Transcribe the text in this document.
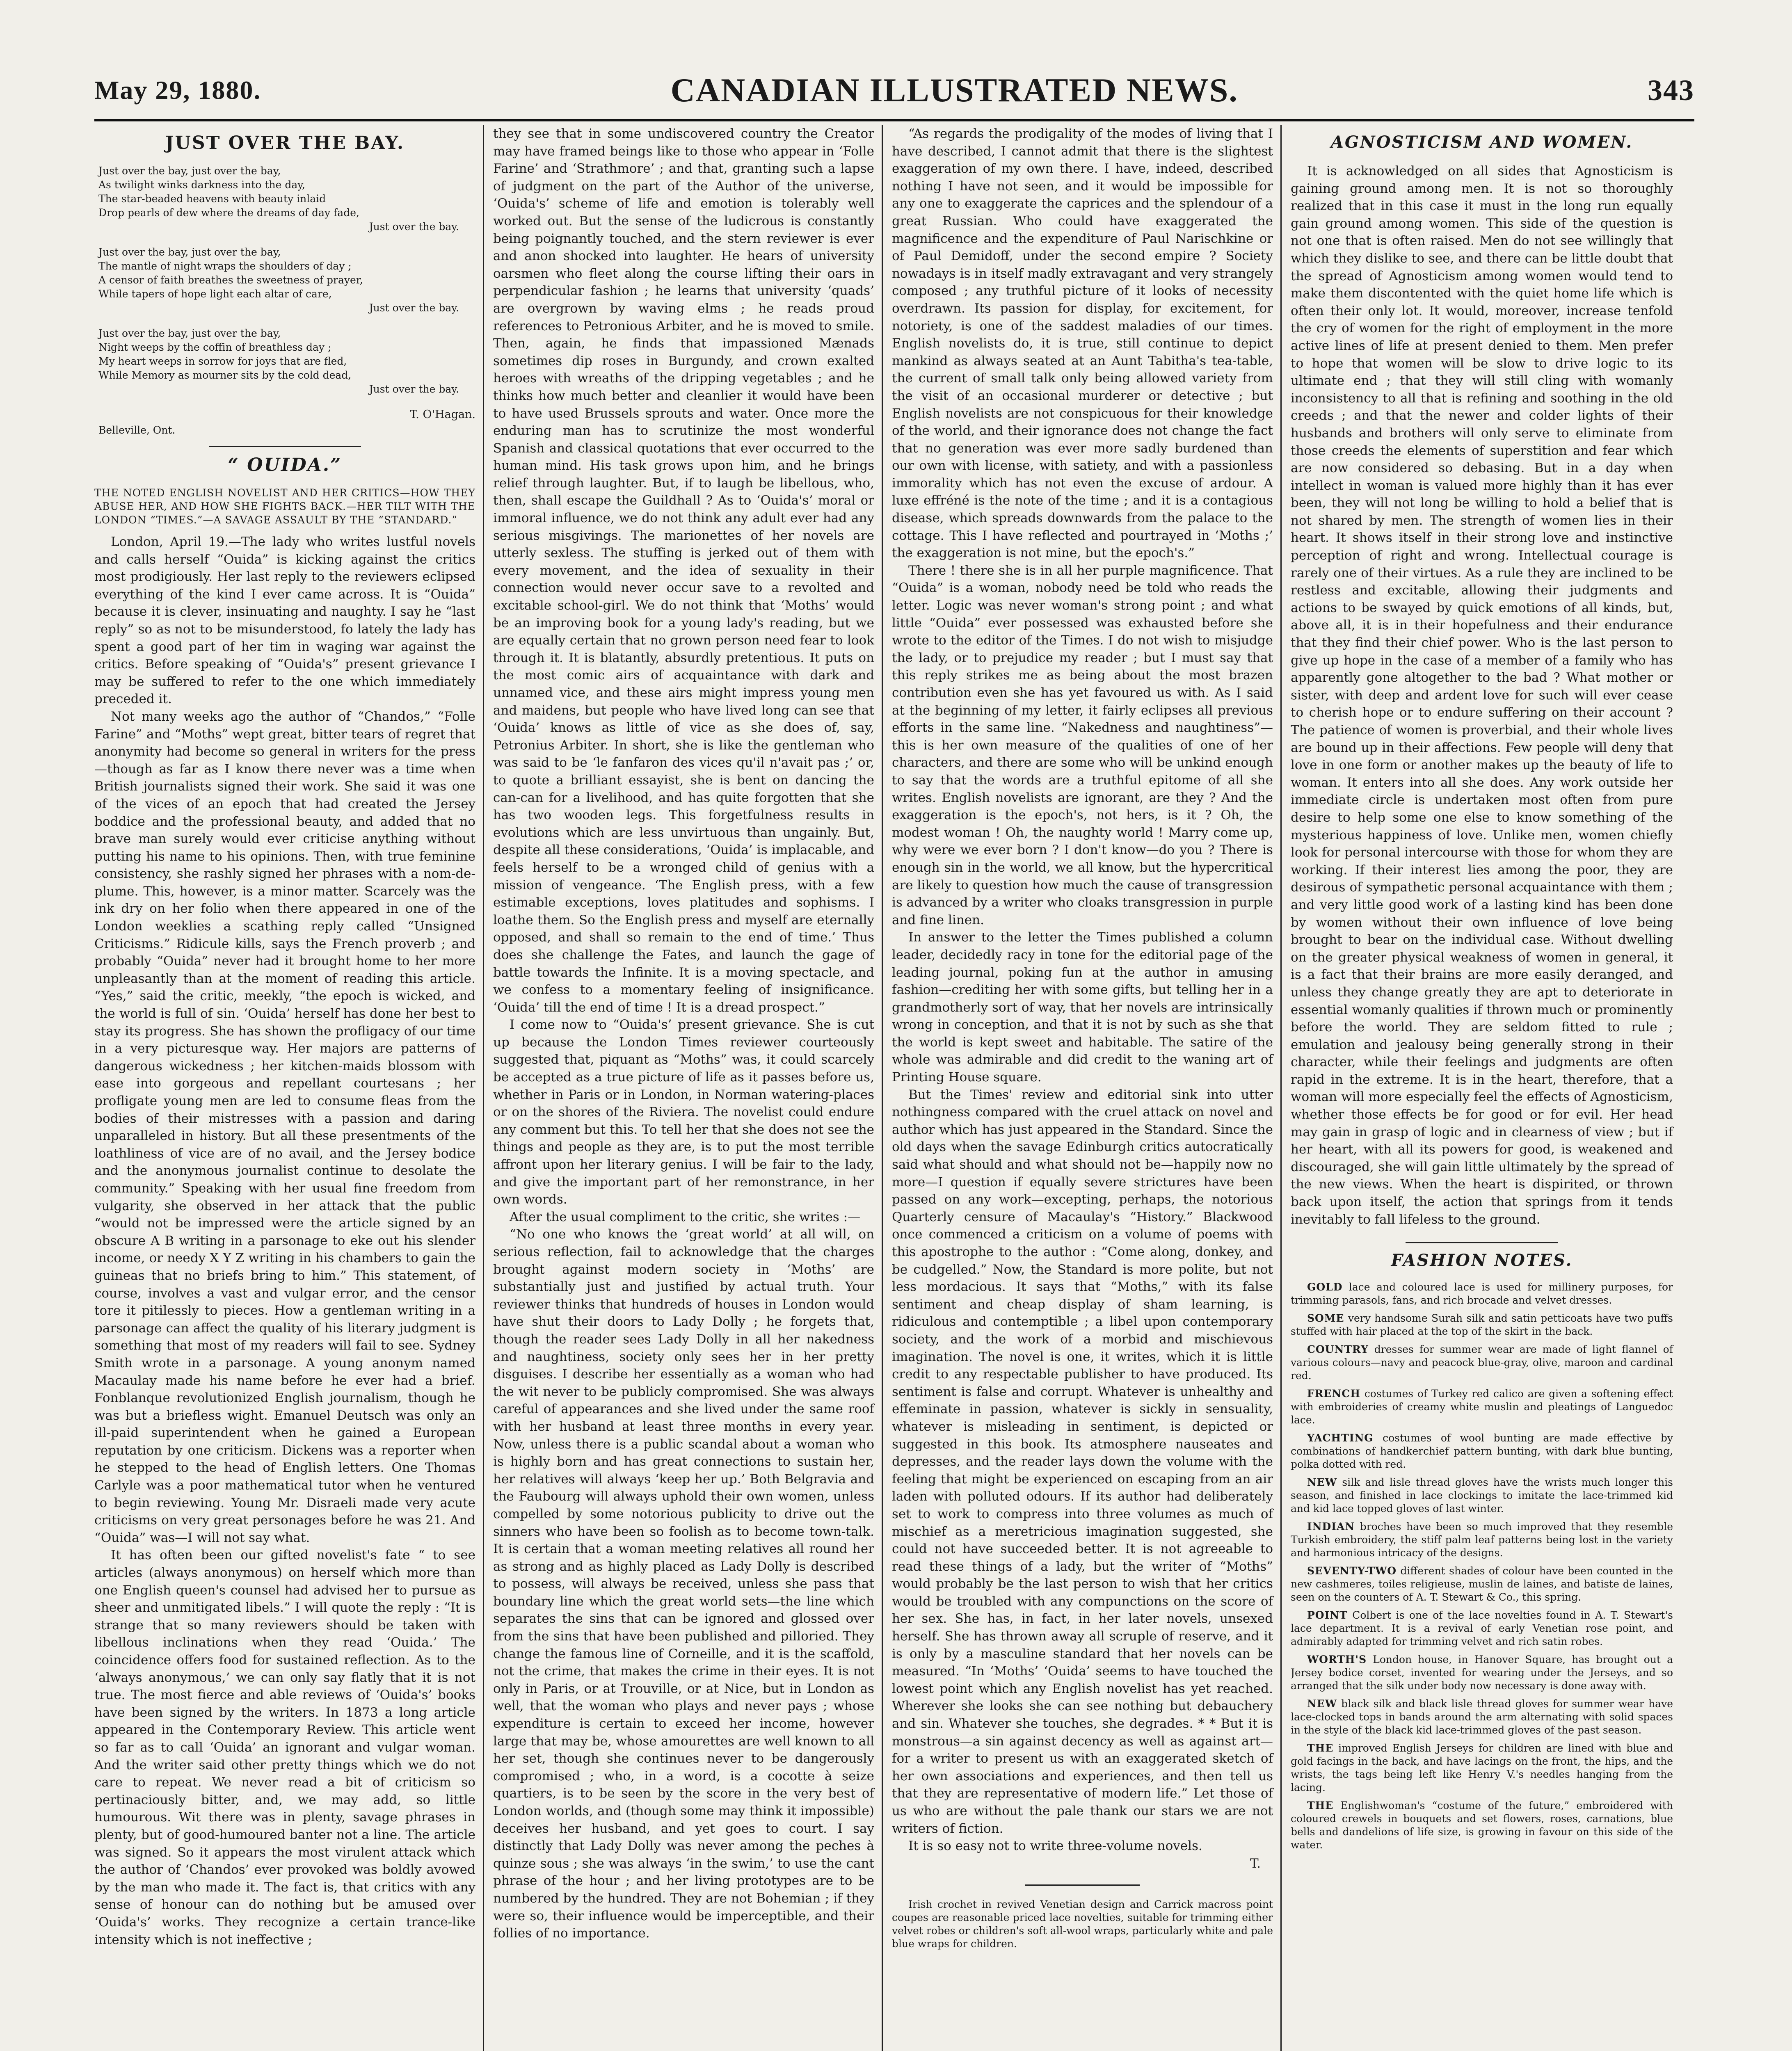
May 29, 1880.	CANADIAN ILLUSTRATED NEWS.	343
JUST OVER THE BAY.
Just over the bay, just over the bay,
As twilight winks darkness into the day,
The star-beaded heavens with beauty inlaid
Drop pearls of dew where the dreams of day fade,
Just over the bay.
Just over the bay, just over the bay,
The mantle of night wraps the shoulders of day ;
A censor of faith breathes the sweetness of prayer,
While tapers of hope light each altar of care,
Just over the bay.
Just over the bay, just over the bay,
Night weeps by the coffin of breathless day ;
My heart weeps in sorrow for joys that are fled,
While Memory as mourner sits by the cold dead,
Just over the bay.
T. O'Hagan.
Belleville, Ont.
“ OUIDA.”
THE NOTED ENGLISH NOVELIST AND HER CRITICS—HOW THEY ABUSE HER, AND HOW SHE FIGHTS BACK.—HER TILT WITH THE LONDON “TIMES.”—A SAVAGE ASSAULT BY THE “STANDARD.”

London, April 19.—The lady who writes lustful novels and calls herself “Ouida” is kicking against the critics most prodigiously. Her last reply to the reviewers eclipsed everything of the kind I ever came across. It is “Ouida” because it is clever, insinuating and naughty. I say he “last reply” so as not to be misunderstood, fo lately the lady has spent a good part of her tim in waging war against the critics. Before speaking of “Ouida's” present grievance I may be suffered to refer to the one which immediately preceded it.

Not many weeks ago the author of “Chandos,” “Folle Farine” and “Moths” wept great, bitter tears of regret that anonymity had become so general in writers for the press—though as far as I know there never was a time when British journalists signed their work. She said it was one of the vices of an epoch that had created the Jersey boddice and the professional beauty, and added that no brave man surely would ever criticise anything without putting his name to his opinions. Then, with true feminine consistency, she rashly signed her phrases with a nom-de-plume. This, however, is a minor matter. Scarcely was the ink dry on her folio when there appeared in one of the London weeklies a scathing reply called “Unsigned Criticisms.” Ridicule kills, says the French proverb ; and probably “Ouida” never had it brought home to her more unpleasantly than at the moment of reading this article. “Yes,” said the critic, meekly, “the epoch is wicked, and the world is full of sin. ‘Ouida’ herself has done her best to stay its progress. She has shown the profligacy of our time in a very picturesque way. Her majors are patterns of dangerous wickedness ; her kitchen-maids blossom with ease into gorgeous and repellant courtesans ; her profligate young men are led to consume fleas from the bodies of their mistresses with a passion and daring unparalleled in history. But all these presentments of the loathliness of vice are of no avail, and the Jersey bodice and the anonymous journalist continue to desolate the community.” Speaking with her usual fine freedom from vulgarity, she observed in her attack that the public “would not be impressed were the article signed by an obscure A B writing in a parsonage to eke out his slender income, or needy X Y Z writing in his chambers to gain the guineas that no briefs bring to him.” This statement, of course, involves a vast and vulgar error, and the censor tore it pitilessly to pieces. How a gentleman writing in a parsonage can affect the quality of his literary judgment is something that most of my readers will fail to see. Sydney Smith wrote in a parsonage. A young anonym named Macaulay made his name before he ever had a brief. Fonblanque revolutionized English journalism, though he was but a briefless wight. Emanuel Deutsch was only an ill-paid superintendent when he gained a European reputation by one criticism. Dickens was a reporter when he stepped to the head of English letters. One Thomas Carlyle was a poor mathematical tutor when he ventured to begin reviewing. Young Mr. Disraeli made very acute criticisms on very great personages before he was 21. And “Ouida” was—I will not say what.

It has often been our gifted novelist's fate “ to see articles (always anonymous) on herself which more than one English queen's counsel had advised her to pursue as sheer and unmitigated libels.” I will quote the reply : “It is strange that so many reviewers should be taken with libellous inclinations when they read ‘Ouida.’ The coincidence offers food for sustained reflection. As to the ‘always anonymous,’ we can only say flatly that it is not true. The most fierce and able reviews of ‘Ouida's’ books have been signed by the writers. In 1873 a long article appeared in the Contemporary Review. This article went so far as to call ‘Ouida’ an ignorant and vulgar woman. And the writer said other pretty things which we do not care to repeat. We never read a bit of criticism so pertinaciously bitter, and, we may add, so little humourous. Wit there was in plenty, savage phrases in plenty, but of good-humoured banter not a line. The article was signed. So it appears the most virulent attack which the author of ‘Chandos’ ever provoked was boldly avowed by the man who made it. The fact is, that critics with any sense of honour can do nothing but be amused over ‘Ouida's’ works. They recognize a certain trance-like intensity which is not ineffective ;

they see that in some undiscovered country the Creator may have framed beings like to those who appear in ‘Folle Farine’ and ‘Strathmore’ ; and that, granting such a lapse of judgment on the part of the Author of the universe, ‘Ouida's’ scheme of life and emotion is tolerably well worked out. But the sense of the ludicrous is constantly being poignantly touched, and the stern reviewer is ever and anon shocked into laughter. He hears of university oarsmen who fleet along the course lifting their oars in perpendicular fashion ; he learns that university ‘quads’ are overgrown by waving elms ; he reads proud references to Petronious Arbiter, and he is moved to smile. Then, again, he finds that impassioned Mænads sometimes dip roses in Burgundy, and crown exalted heroes with wreaths of the dripping vegetables ; and he thinks how much better and cleanlier it would have been to have used Brussels sprouts and water. Once more the enduring man has to scrutinize the most wonderful Spanish and classical quotations that ever occurred to the human mind. His task grows upon him, and he brings relief through laughter. But, if to laugh be libellous, who, then, shall escape the Guildhall ? As to ‘Ouida's’ moral or immoral influence, we do not think any adult ever had any serious misgivings. The marionettes of her novels are utterly sexless. The stuffing is jerked out of them with every movement, and the idea of sexuality in their connection would never occur save to a revolted and excitable school-girl. We do not think that ‘Moths’ would be an improving book for a young lady's reading, but we are equally certain that no grown person need fear to look through it. It is blatantly, absurdly pretentious. It puts on the most comic airs of acquaintance with dark and unnamed vice, and these airs might impress young men and maidens, but people who have lived long can see that ‘Ouida’ knows as little of vice as she does of, say, Petronius Arbiter. In short, she is like the gentleman who was said to be ‘le fanfaron des vices qu'il n'avait pas ;’ or, to quote a brilliant essayist, she is bent on dancing the can-can for a livelihood, and has quite forgotten that she has two wooden legs. This forgetfulness results in evolutions which are less unvirtuous than ungainly. But, despite all these considerations, ‘Ouida’ is implacable, and feels herself to be a wronged child of genius with a mission of vengeance. ‘The English press, with a few estimable exceptions, loves platitudes and sophisms. I loathe them. So the English press and myself are eternally opposed, and shall so remain to the end of time.’ Thus does she challenge the Fates, and launch the gage of battle towards the Infinite. It is a moving spectacle, and we confess to a momentary feeling of insignificance. ‘Ouida’ till the end of time ! It is a dread prospect.”

I come now to “Ouida's’ present grievance. She is cut up because the London Times reviewer courteously suggested that, piquant as “Moths” was, it could scarcely be accepted as a true picture of life as it passes before us, whether in Paris or in London, in Norman watering-places or on the shores of the Riviera. The novelist could endure any comment but this. To tell her that she does not see the things and people as they are, is to put the most terrible affront upon her literary genius. I will be fair to the lady, and give the important part of her remonstrance, in her own words.

After the usual compliment to the critic, she writes :—

“No one who knows the ‘great world’ at all will, on serious reflection, fail to acknowledge that the charges brought against modern society in ‘Moths’ are substantially just and justified by actual truth. Your reviewer thinks that hundreds of houses in London would have shut their doors to Lady Dolly ; he forgets that, though the reader sees Lady Dolly in all her nakedness and naughtiness, society only sees her in her pretty disguises. I describe her essentially as a woman who had the wit never to be publicly compromised. She was always careful of appearances and she lived under the same roof with her husband at least three months in every year. Now, unless there is a public scandal about a woman who is highly born and has great connections to sustain her, her relatives will always ‘keep her up.’ Both Belgravia and the Faubourg will always uphold their own women, unless compelled by some notorious publicity to drive out the sinners who have been so foolish as to become town-talk. It is certain that a woman meeting relatives all round her as strong and as highly placed as Lady Dolly is described to possess, will always be received, unless she pass that boundary line which the great world sets—the line which separates the sins that can be ignored and glossed over from the sins that have been published and pilloried. They change the famous line of Corneille, and it is the scaffold, not the crime, that makes the crime in their eyes. It is not only in Paris, or at Trouville, or at Nice, but in London as well, that the woman who plays and never pays ; whose expenditure is certain to exceed her income, however large that may be, whose amourettes are well known to all her set, though she continues never to be dangerously compromised ; who, in a word, is a cocotte à seize quartiers, is to be seen by the score in the very best of London worlds, and (though some may think it impossible) deceives her husband, and yet goes to court. I say distinctly that Lady Dolly was never among the peches à quinze sous ; she was always ‘in the swim,’ to use the cant phrase of the hour ; and her living prototypes are to be numbered by the hundred. They are not Bohemian ; if they were so, their influence would be imperceptible, and their follies of no importance.

“As regards the prodigality of the modes of living that I have described, I cannot admit that there is the slightest exaggeration of my own there. I have, indeed, described nothing I have not seen, and it would be impossible for any one to exaggerate the caprices and the splendour of a great Russian. Who could have exaggerated the magnificence and the expenditure of Paul Narischkine or of Paul Demidoff, under the second empire ? Society nowadays is in itself madly extravagant and very strangely composed ; any truthful picture of it looks of necessity overdrawn. Its passion for display, for excitement, for notoriety, is one of the saddest maladies of our times. English novelists do, it is true, still continue to depict mankind as always seated at an Aunt Tabitha's tea-table, the current of small talk only being allowed variety from the visit of an occasional murderer or detective ; but English novelists are not conspicuous for their knowledge of the world, and their ignorance does not change the fact that no generation was ever more sadly burdened than our own with license, with satiety, and with a passionless immorality which has not even the excuse of ardour. A luxe effréné is the note of the time ; and it is a contagious disease, which spreads downwards from the palace to the cottage. This I have reflected and pourtrayed in ‘Moths ;’ the exaggeration is not mine, but the epoch's.”

There ! there she is in all her purple magnificence. That “Ouida” is a woman, nobody need be told who reads the letter. Logic was never woman's strong point ; and what little “Ouida” ever possessed was exhausted before she wrote to the editor of the Times. I do not wish to misjudge the lady, or to prejudice my reader ; but I must say that this reply strikes me as being about the most brazen contribution even she has yet favoured us with. As I said at the beginning of my letter, it fairly eclipses all previous efforts in the same line. “Nakedness and naughtiness”—this is her own measure of the qualities of one of her characters, and there are some who will be unkind enough to say that the words are a truthful epitome of all she writes. English novelists are ignorant, are they ? And the exaggeration is the epoch's, not hers, is it ? Oh, the modest woman ! Oh, the naughty world ! Marry come up, why were we ever born ? I don't know—do you ? There is enough sin in the world, we all know, but the hypercritical are likely to question how much the cause of transgression is advanced by a writer who cloaks transgression in purple and fine linen.

In answer to the letter the Times published a column leader, decidedly racy in tone for the editorial page of the leading journal, poking fun at the author in amusing fashion—crediting her with some gifts, but telling her in a grandmotherly sort of way, that her novels are intrinsically wrong in conception, and that it is not by such as she that the world is kept sweet and habitable. The satire of the whole was admirable and did credit to the waning art of Printing House square.

But the Times' review and editorial sink into utter nothingness compared with the cruel attack on novel and author which has just appeared in the Standard. Since the old days when the savage Edinburgh critics autocratically said what should and what should not be—happily now no more—I question if equally severe strictures have been passed on any work—excepting, perhaps, the notorious Quarterly censure of Macaulay's “History.” Blackwood once commenced a criticism on a volume of poems with this apostrophe to the author : “Come along, donkey, and be cudgelled.” Now, the Standard is more polite, but not less mordacious. It says that “Moths,” with its false sentiment and cheap display of sham learning, is ridiculous and contemptible ; a libel upon contemporary society, and the work of a morbid and mischievous imagination. The novel is one, it writes, which it is little credit to any respectable publisher to have produced. Its sentiment is false and corrupt. Whatever is unhealthy and effeminate in passion, whatever is sickly in sensuality, whatever is misleading in sentiment, is depicted or suggested in this book. Its atmosphere nauseates and depresses, and the reader lays down the volume with the feeling that might be experienced on escaping from an air laden with polluted odours. If its author had deliberately set to work to compress into three volumes as much of mischief as a meretricious imagination suggested, she could not have succeeded better. It is not agreeable to read these things of a lady, but the writer of “Moths” would probably be the last person to wish that her critics would be troubled with any compunctions on the score of her sex. She has, in fact, in her later novels, unsexed herself. She has thrown away all scruple of reserve, and it is only by a masculine standard that her novels can be measured. “In ‘Moths’ ‘Ouida’ seems to have touched the lowest point which any English novelist has yet reached. Wherever she looks she can see nothing but debauchery and sin. Whatever she touches, she degrades. * * But it is monstrous—a sin against decency as well as against art—for a writer to present us with an exaggerated sketch of her own associations and experiences, and then tell us that they are representative of modern life.” Let those of us who are without the pale thank our stars we are not writers of fiction.

It is so easy not to write three-volume novels.

T.

Irish crochet in revived Venetian design and Carrick macross point coupes are reasonable priced lace novelties, suitable for trimming either velvet robes or children's soft all-wool wraps, particularly white and pale blue wraps for children.

AGNOSTICISM AND WOMEN.

It is acknowledged on all sides that Agnosticism is gaining ground among men. It is not so thoroughly realized that in this case it must in the long run equally gain ground among women. This side of the question is not one that is often raised. Men do not see willingly that which they dislike to see, and there can be little doubt that the spread of Agnosticism among women would tend to make them discontented with the quiet home life which is often their only lot. It would, moreover, increase tenfold the cry of women for the right of employment in the more active lines of life at present denied to them. Men prefer to hope that women will be slow to drive logic to its ultimate end ; that they will still cling with womanly inconsistency to all that is refining and soothing in the old creeds ; and that the newer and colder lights of their husbands and brothers will only serve to eliminate from those creeds the elements of superstition and fear which are now considered so debasing. But in a day when intellect in woman is valued more highly than it has ever been, they will not long be willing to hold a belief that is not shared by men. The strength of women lies in their heart. It shows itself in their strong love and instinctive perception of right and wrong. Intellectual courage is rarely one of their virtues. As a rule they are inclined to be restless and excitable, allowing their judgments and actions to be swayed by quick emotions of all kinds, but, above all, it is in their hopefulness and their endurance that they find their chief power. Who is the last person to give up hope in the case of a member of a family who has apparently gone altogether to the bad ? What mother or sister, with deep and ardent love for such will ever cease to cherish hope or to endure suffering on their account ? The patience of women is proverbial, and their whole lives are bound up in their affections. Few people will deny that love in one form or another makes up the beauty of life to woman. It enters into all she does. Any work outside her immediate circle is undertaken most often from pure desire to help some one else to know something of the mysterious happiness of love. Unlike men, women chiefly look for personal intercourse with those for whom they are working. If their interest lies among the poor, they are desirous of sympathetic personal acquaintance with them ; and very little good work of a lasting kind has been done by women without their own influence of love being brought to bear on the individual case. Without dwelling on the greater physical weakness of women in general, it is a fact that their brains are more easily deranged, and unless they change greatly they are apt to deteriorate in essential womanly qualities if thrown much or prominently before the world. They are seldom fitted to rule ; emulation and jealousy being generally strong in their character, while their feelings and judgments are often rapid in the extreme. It is in the heart, therefore, that a woman will more especially feel the effects of Agnosticism, whether those effects be for good or for evil. Her head may gain in grasp of logic and in clearness of view ; but if her heart, with all its powers for good, is weakened and discouraged, she will gain little ultimately by the spread of the new views. When the heart is dispirited, or thrown back upon itself, the action that springs from it tends inevitably to fall lifeless to the ground.

FASHION NOTES.

GOLD lace and coloured lace is used for millinery purposes, for trimming parasols, fans, and rich brocade and velvet dresses.

SOME very handsome Surah silk and satin petticoats have two puffs stuffed with hair placed at the top of the skirt in the back.

COUNTRY dresses for summer wear are made of light flannel of various colours—navy and peacock blue-gray, olive, maroon and cardinal red.

FRENCH costumes of Turkey red calico are given a softening effect with embroideries of creamy white muslin and pleatings of Languedoc lace.

YACHTING costumes of wool bunting are made effective by combinations of handkerchief pattern bunting, with dark blue bunting, polka dotted with red.

NEW silk and lisle thread gloves have the wrists much longer this season, and finished in lace clockings to imitate the lace-trimmed kid and kid lace topped gloves of last winter.

INDIAN broches have been so much improved that they resemble Turkish embroidery, the stiff palm leaf patterns being lost in the variety and harmonious intricacy of the designs.

SEVENTY-TWO different shades of colour have been counted in the new cashmeres, toiles religieuse, muslin de laines, and batiste de laines, seen on the counters of A. T. Stewart & Co., this spring.

POINT Colbert is one of the lace novelties found in A. T. Stewart's lace department. It is a revival of early Venetian rose point, and admirably adapted for trimming velvet and rich satin robes.

WORTH'S London house, in Hanover Square, has brought out a Jersey bodice corset, invented for wearing under the Jerseys, and so arranged that the silk under body now necessary is done away with.

NEW black silk and black lisle thread gloves for summer wear have lace-clocked tops in bands around the arm alternating with solid spaces in the style of the black kid lace-trimmed gloves of the past season.

THE improved English Jerseys for children are lined with blue and gold facings in the back, and have lacings on the front, the hips, and the wrists, the tags being left like Henry V.'s needles hanging from the lacing.

THE Englishwoman's “costume of the future,” embroidered with coloured crewels in bouquets and set flowers, roses, carnations, blue bells and dandelions of life size, is growing in favour on this side of the water.
